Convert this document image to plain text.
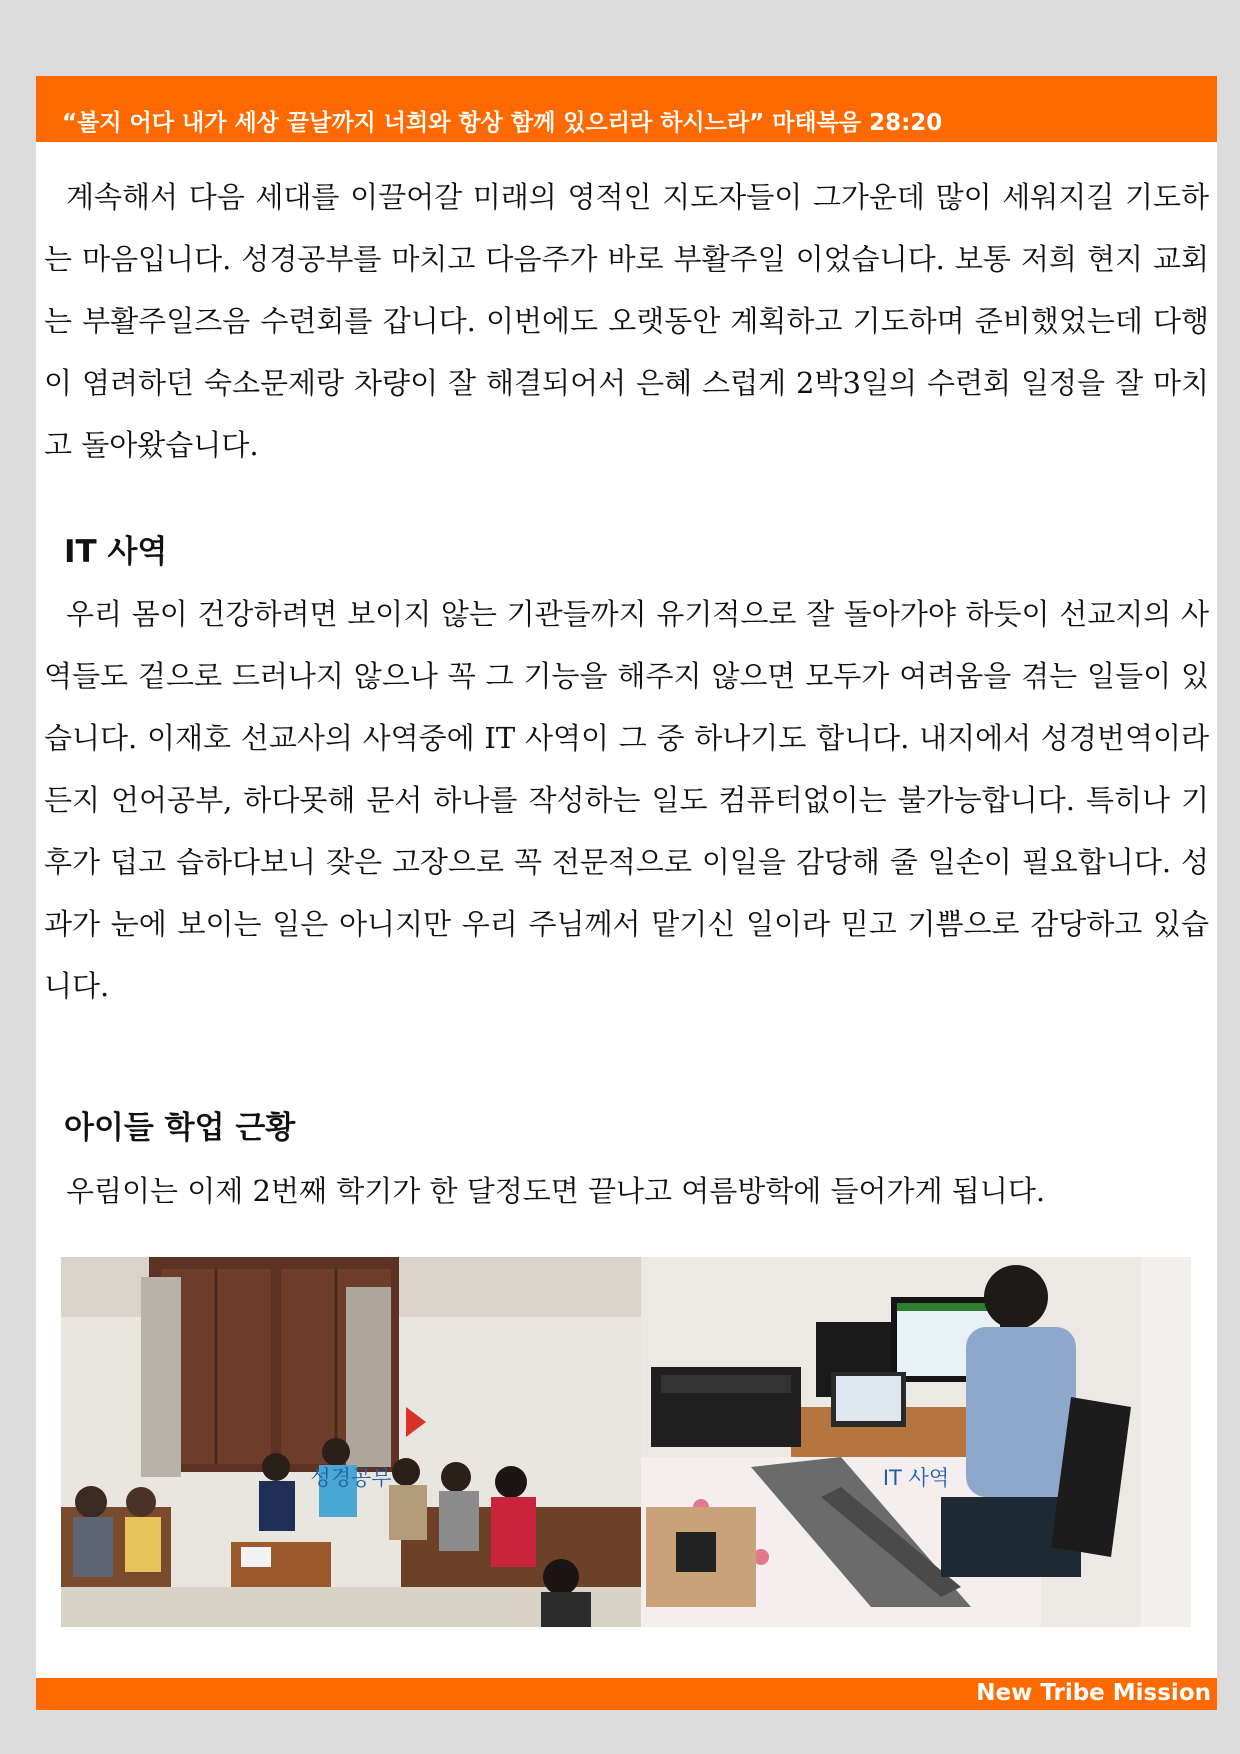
“볼지 어다 내가 세상 끝날까지 너희와 항상 함께 있으리라 하시느라” 마태복음 28:20

계속해서 다음 세대를 이끌어갈 미래의 영적인 지도자들이 그가운데 많이 세워지길 기도하는 마음입니다. 성경공부를 마치고 다음주가 바로 부활주일 이었습니다. 보통 저희 현지 교회는 부활주일즈음 수련회를 갑니다. 이번에도 오랫동안 계획하고 기도하며 준비했었는데 다행이 염려하던 숙소문제랑 차량이 잘 해결되어서 은혜 스럽게 2박3일의 수련회 일정을 잘 마치고 돌아왔습니다.

IT 사역

우리 몸이 건강하려면 보이지 않는 기관들까지 유기적으로 잘 돌아가야 하듯이 선교지의 사역들도 겉으로 드러나지 않으나 꼭 그 기능을 해주지 않으면 모두가 여려움을 겪는 일들이 있습니다. 이재호 선교사의 사역중에 IT 사역이 그 중 하나기도 합니다. 내지에서 성경번역이라든지 언어공부, 하다못해 문서 하나를 작성하는 일도 컴퓨터없이는 불가능합니다. 특히나 기후가 덥고 습하다보니 잦은 고장으로 꼭 전문적으로 이일을 감당해 줄 일손이 필요합니다. 성과가 눈에 보이는 일은 아니지만 우리 주님께서 맡기신 일이라 믿고 기쁨으로 감당하고 있습니다.

아이들 학업 근황

우림이는 이제 2번째 학기가 한 달정도면 끝나고 여름방학에 들어가게 됩니다.

성경공부	IT 사역
New Tribe Mission
